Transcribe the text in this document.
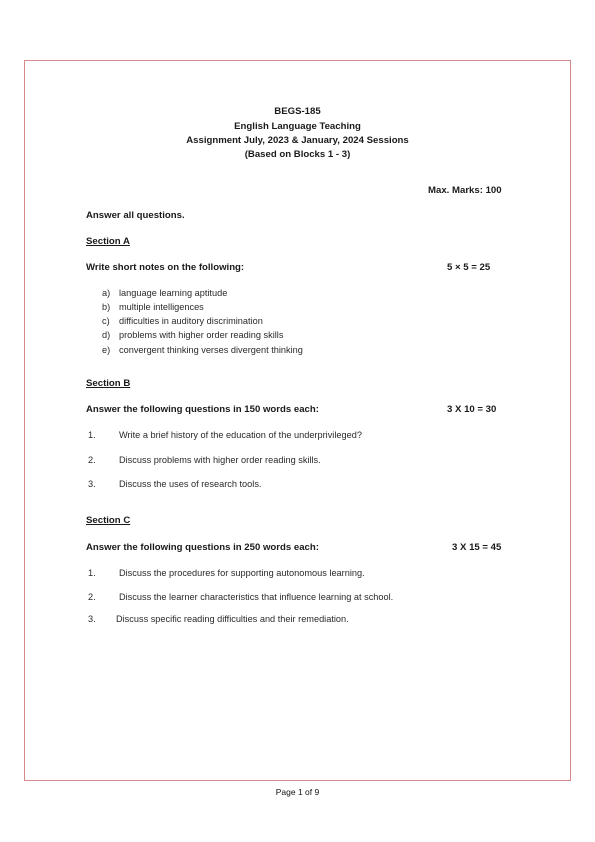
BEGS-185
English Language Teaching
Assignment July, 2023 & January, 2024 Sessions
(Based on Blocks 1 - 3)
Max. Marks: 100
Answer all questions.
Section A
Write short notes on the following:	5 × 5 = 25
a) language learning aptitude
b) multiple intelligences
c) difficulties in auditory discrimination
d) problems with higher order reading skills
e) convergent thinking verses divergent thinking
Section B
Answer the following questions in 150 words each:	3 X 10 = 30
1.	Write a brief history of the education of the underprivileged?
2.	Discuss problems with higher order reading skills.
3.	Discuss the uses of research tools.
Section C
Answer the following questions in 250 words each:	3 X 15 = 45
1.	Discuss the procedures for supporting autonomous learning.
2.	Discuss the learner characteristics that influence learning at school.
3. Discuss specific reading difficulties and their remediation.
Page 1 of 9
